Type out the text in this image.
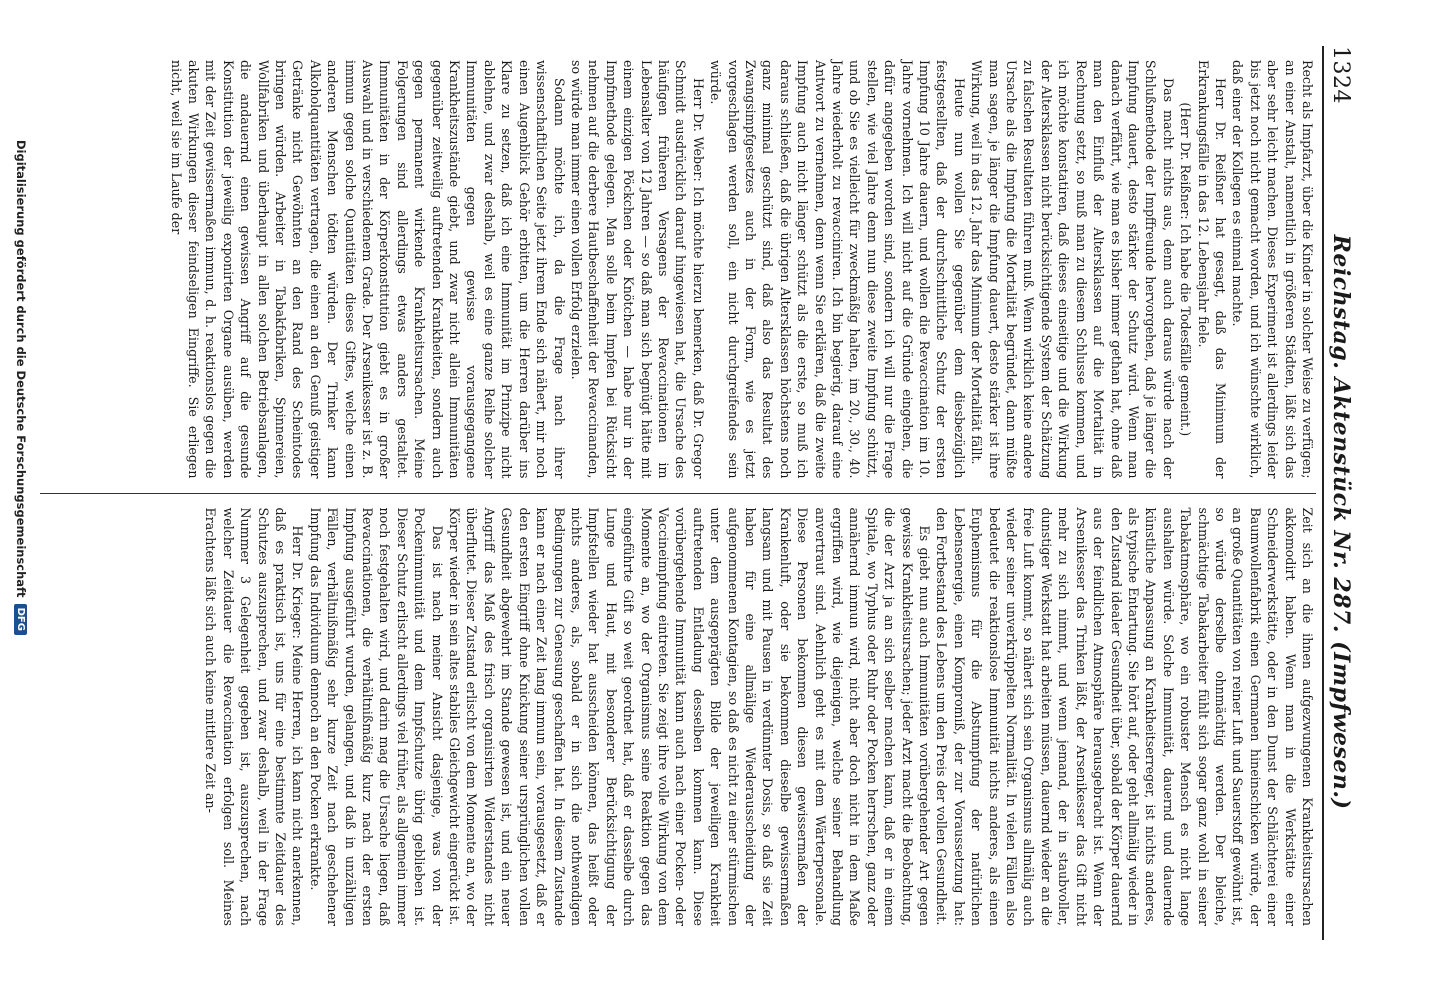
1324
Reichstag. Aktenstück Nr. 287. (Impfwesen.)

Recht als Impfarzt, über die Kinder in solcher Weise zu verfügen; an einer Anstalt, namentlich in größeren Städten, läßt sich das aber sehr leicht machen. Dieses Experiment ist allerdings leider bis jetzt noch nicht gemacht worden, und ich wünschte wirklich, daß einer der Kollegen es einmal machte.

Herr Dr. Reißner hat gesagt, daß das Minimum der Erkrankungsfälle in das 12. Lebensjahr fiele.

(Herr Dr. Reißner: Ich habe die Todesfälle gemeint.)

Das macht nichts aus, denn auch daraus würde nach der Schlußmethode der Impffreunde hervorgehen, daß je länger die Impfung dauert, desto stärker der Schutz wird. Wenn man danach verfährt, wie man es bisher immer gethan hat, ohne daß man den Einfluß der Altersklassen auf die Mortalität in Rechnung setzt, so muß man zu diesem Schlusse kommen, und ich möchte konstatiren, daß dieses einseitige und die Wirkung der Altersklassen nicht berücksichtigende System der Schätzung zu falschen Resultaten führen muß. Wenn wirklich keine andere Ursache als die Impfung die Mortalität begründet, dann müßte man sagen, je länger die Impfung dauert, desto stärker ist ihre Wirkung, weil in das 12. Jahr das Minimum der Mortalität fällt.

Heute nun wollen Sie gegenüber dem diesbezüglich festgestellten, daß der durchschnittliche Schutz der ersten Impfung 10 Jahre dauern, und wollen die Revaccination im 10. Jahre vornehmen. Ich will nicht auf die Gründe eingehen, die dafür angegeben worden sind, sondern ich will nur die Frage stellen, wie viel Jahre denn nun diese zweite Impfung schützt, und ob Sie es vielleicht für zweckmäßig halten, im 20., 30., 40. Jahre wiederholt zu revacciniren. Ich bin begierig, darauf eine Antwort zu vernehmen, denn wenn Sie erklären, daß die zweite Impfung auch nicht länger schützt als die erste, so muß ich daraus schließen, daß die übrigen Altersklassen höchstens noch ganz minimal geschützt sind, daß also das Resultat des Zwangsimpfgesetzes auch in der Form, wie es jetzt vorgeschlagen werden soll, ein nicht durchgreifendes sein würde.

Herr Dr. Weber: Ich möchte hierzu bemerken, daß Dr. Gregor Schmidt ausdrücklich darauf hingewiesen hat, die Ursache des häufigen früheren Versagens der Revaccinationen im Lebensalter von 12 Jahren — so daß man sich begnügt hätte mit einem einzigen Pöckchen oder Knötchen — habe nur in der Impfmethode gelegen. Man solle beim Impfen bei Rücksicht nehmen auf die derbere Hautbeschaffenheit der Revaccinanden, so würde man immer einen vollen Erfolg erzielen.

Sodann möchte ich, da die Frage nach ihrer wissenschaftlichen Seite jetzt ihrem Ende sich nähert, mir noch einen Augenblick Gehör erbitten, um die Herren darüber ins Klare zu setzen, daß ich eine Immunität im Prinzipe nicht ablehne, und zwar deshalb, weil es eine ganze Reihe solcher Immunitäten gegen gewisse vorausgegangene Krankheitszustände giebt, und zwar nicht allein Immunitäten gegenüber zeitweilig auftretenden Krankheiten, sondern auch gegen permanent wirkende Krankheitsursachen. Meine Folgerungen sind allerdings etwas anders gestaltet. Immunitäten in der Körperkonstitution giebt es in großer Auswahl und in verschiedenem Grade. Der Arsenikesser ist z. B. immun gegen solche Quantitäten dieses Giftes, welche einen anderen Menschen tödten würden. Der Trinker kann Alkoholquantitäten vertragen, die einen an den Genuß geistiger Getränke nicht Gewöhnten an den Rand des Scheintodes bringen würden. Arbeiter in Tabakfabriken, Spinnereien, Wollfabriken und überhaupt in allen solchen Betriebsanlagen, die andauernd einen gewissen Angriff auf die gesunde Konstitution der jeweilig exponirten Organe ausüben, werden mit der Zeit gewissermaßen immun, d. h. reaktionslos gegen die akuten Wirkungen dieser feindseligen Eingriffe. Sie erliegen nicht, weil sie im Laufe der

Zeit sich an die ihnen aufgezwungenen Krankheitsursachen akkomodirt haben. Wenn man in die Werkstätte einer Schneiderwerkstätte, oder in den Dunst der Schlächterei einer Baumwollenfabrik einen Germanen hineinschicken würde, der an große Quantitäten von reiner Luft und Sauerstoff gewöhnt ist, so würde derselbe ohnmächtig werden. Der bleiche, schmächtige Tabakarbeiter fühlt sich sogar ganz wohl in seiner Tabakatmosphäre, wo ein robuster Mensch es nicht lange aushalten würde. Solche Immunität, dauernd und dauernde künstliche Anpassung an Krankheitserreger, ist nichts anderes, als typische Entartung. Sie hört auf, oder geht allmälig wieder in den Zustand idealer Gesundheit über, sobald der Körper dauernd aus der feindlichen Atmosphäre herausgebracht ist. Wenn der Arsenikesser das Trinken läßt, der Arsenikesser das Gift nicht mehr zu sich nimmt, und wenn jemand, der in staubvoller, dunstiger Werkstatt hat arbeiten müssen, dauernd wieder an die freie Luft kommt, so nähert sich sein Organismus allmälig auch wieder seiner unverkrüppelten Normalität. In vielen Fällen also bedeutet die reaktionslose Immunität nichts anderes, als einen Euphemismus für die Abstumpfung der natürlichen Lebensenergie, einen Kompromiß, der zur Voraussetzung hat: den Fortbestand des Lebens um den Preis der vollen Gesundheit.

Es giebt nun auch Immunitäten vorübergehender Art gegen gewisse Krankheitsursachen; jeder Arzt macht die Beobachtung, die der Arzt ja an sich selber machen kann, daß er in einem Spitale, wo Typhus oder Ruhr oder Pocken herrschen, ganz oder annähernd immun wird, nicht aber doch nicht in dem Maße ergriffen wird, wie diejenigen, welche seiner Behandlung anvertraut sind. Aehnlich geht es mit dem Wärterpersonale. Diese Personen bekommen diesen gewissermaßen der Krankenluft, oder sie bekommen dieselbe gewissermaßen langsam und mit Pausen in verdünnter Dosis, so daß sie Zeit haben für eine allmälige Wiederausscheidung der aufgenommenen Kontagien, so daß es nicht zu einer stürmischen unter dem ausgeprägten Bilde der jeweiligen Krankheit auftretenden Entladung desselben kommen kann. Diese vorübergehende Immunität kann auch nach einer Pocken- oder Vaccineimpfung eintreten. Sie zeigt ihre volle Wirkung von dem Momente an, wo der Organismus seine Reaktion gegen das eingeführte Gift so weit geordnet hat, daß er dasselbe durch Lunge und Haut, mit besonderer Berücksichtigung der Impfstellen wieder hat ausscheiden können, das heißt oder nichts anderes, als, sobald er in sich die nothwendigen Bedingungen zur Genesung geschaffen hat. In diesem Zustande kann er nach einer Zeit lang immun sein, vorausgesetzt, daß er den ersten Eingriff ohne Knickung seiner ursprünglichen vollen Gesundheit abgewehrt im Stande gewesen ist, und ein neuer Angriff das Maß des frisch organisirten Widerstandes nicht überflutet. Dieser Zustand erlischt von dem Momente an, wo der Körper wieder in sein altes stabiles Gleichgewicht eingerückt ist.

Das ist nach meiner Ansicht dasjenige, was von der Pockenimmunität und dem Impfschutze übrig geblieben ist. Dieser Schutz erlischt allerdings viel früher, als allgemein immer noch festgehalten wird, und darin mag die Ursache liegen, daß Revaccinationen, die verhältnißmäßig kurz nach der ersten Impfung ausgeführt wurden, gelangen, und daß in unzähligen Fällen, verhältnißmäßig sehr kurze Zeit nach geschehener Impfung das Individuum dennoch an den Pocken erkrankte.

Herr Dr. Krieger: Meine Herren, ich kann nicht anerkennen, daß es praktisch ist, uns für eine bestimmte Zeitdauer des Schutzes auszusprechen, und zwar deshalb, weil in der Frage Nummer 3 Gelegenheit gegeben ist, auszusprechen, nach welcher Zeitdauer die Revaccination erfolgen soll. Meines Erachtens läßt sich auch keine mittlere Zeit an-

Digitalisierung gefördert durch die Deutsche Forschungsgemeinschaft
DFG
